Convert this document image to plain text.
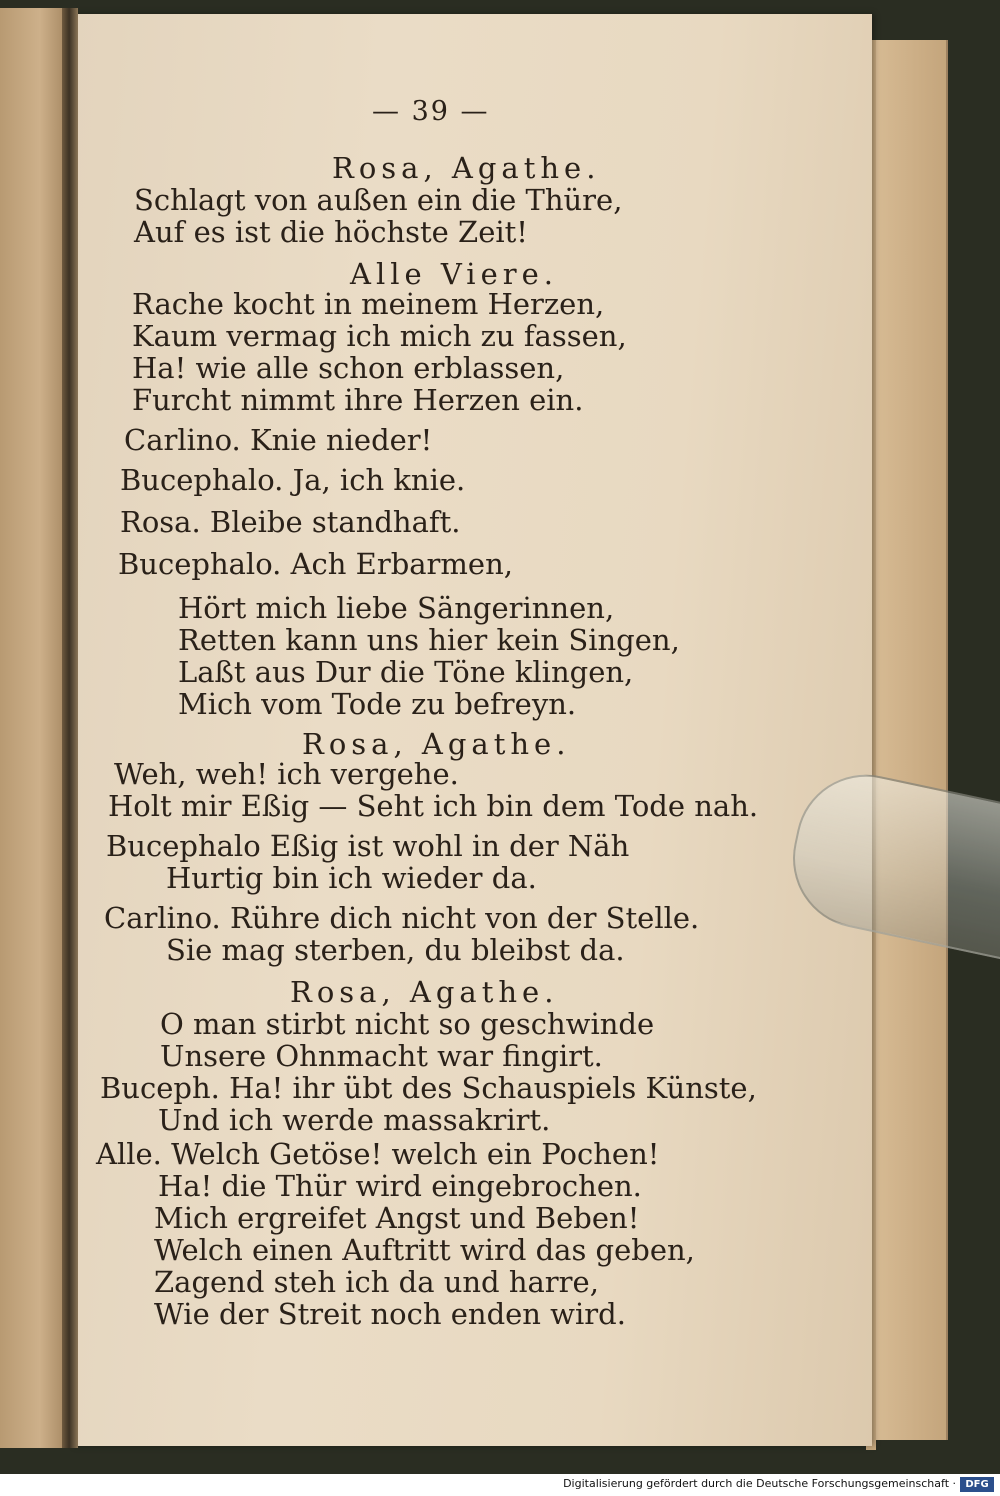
— 39 —
Rosa, Agathe.
Schlagt von außen ein die Thüre,
Auf es ist die höchste Zeit!
Alle Viere.
Rache kocht in meinem Herzen,
Kaum vermag ich mich zu fassen,
Ha! wie alle schon erblassen,
Furcht nimmt ihre Herzen ein.
Carlino. Knie nieder!
Bucephalo. Ja, ich knie.
Rosa. Bleibe standhaft.
Bucephalo. Ach Erbarmen,
Hört mich liebe Sängerinnen,
Retten kann uns hier kein Singen,
Laßt aus Dur die Töne klingen,
Mich vom Tode zu befreyn.
Rosa, Agathe.
Weh, weh! ich vergehe.
Holt mir Eßig — Seht ich bin dem Tode nah.
Bucephalo Eßig ist wohl in der Näh
Hurtig bin ich wieder da.
Carlino. Rühre dich nicht von der Stelle.
Sie mag sterben, du bleibst da.
Rosa, Agathe.
O man stirbt nicht so geschwinde
Unsere Ohnmacht war fingirt.
Buceph. Ha! ihr übt des Schauspiels Künste,
Und ich werde massakrirt.
Alle. Welch Getöse! welch ein Pochen!
Ha! die Thür wird eingebrochen.
Mich ergreifet Angst und Beben!
Welch einen Auftritt wird das geben,
Zagend steh ich da und harre,
Wie der Streit noch enden wird.
Digitalisierung gefördert durch die Deutsche Forschungsgemeinschaft · DFG
